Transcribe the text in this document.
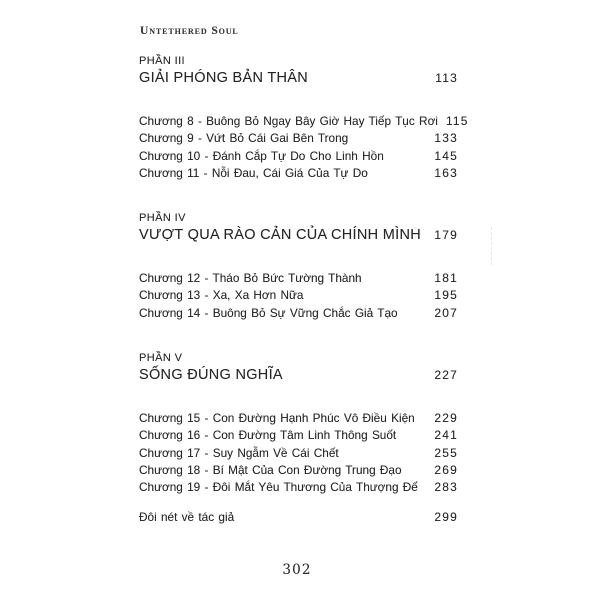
Untethered Soul
PHẦN III
GIẢI PHÓNG BẢN THÂN	113
Chương 8 - Buông Bỏ Ngay Bây Giờ Hay Tiếp Tục Rơi 115
Chương 9 - Vứt Bỏ Cái Gai Bên Trong	133
Chương 10 - Đánh Cắp Tự Do Cho Linh Hồn	145
Chương 11 - Nỗi Đau, Cái Giá Của Tự Do	163
PHẦN IV
VƯỢT QUA RÀO CẢN CỦA CHÍNH MÌNH	179
Chương 12 - Tháo Bỏ Bức Tường Thành	181
Chương 13 - Xa, Xa Hơn Nữa	195
Chương 14 - Buông Bỏ Sự Vững Chắc Giả Tạo	207
PHẦN V
SỐNG ĐÚNG NGHĨA	227
Chương 15 - Con Đường Hạnh Phúc Vô Điều Kiện	229
Chương 16 - Con Đường Tâm Linh Thông Suốt	241
Chương 17 - Suy Ngẫm Về Cái Chết	255
Chương 18 - Bí Mật Của Con Đường Trung Đạo	269
Chương 19 - Đôi Mắt Yêu Thương Của Thượng Đế	283
Đôi nét về tác giả	299
302
